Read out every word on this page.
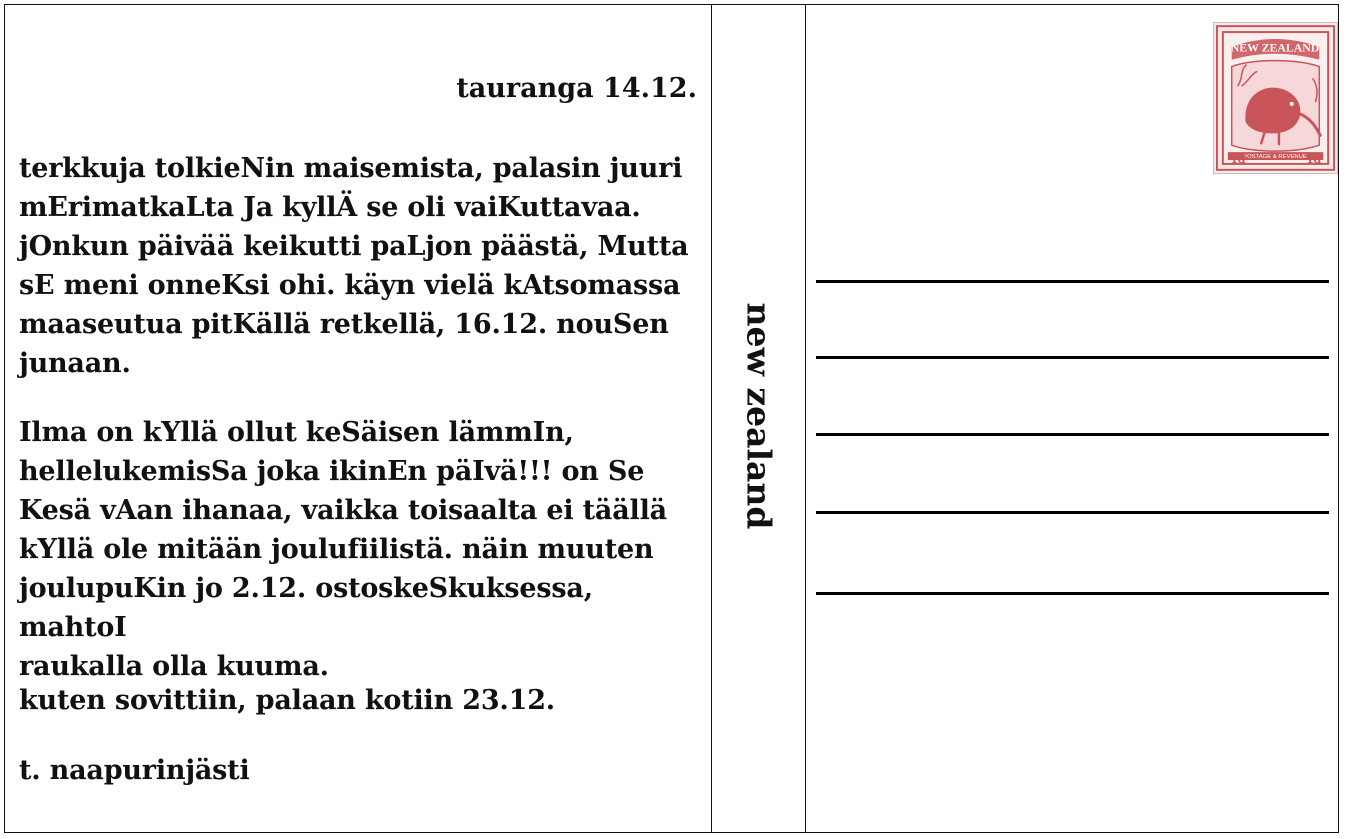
tauranga 14.12.

terkkuja tolkieNin maisemista, palasin juuri
mErimatkaLta Ja kyllÄ se oli vaiKuttavaa.
jOnkun päivää keikutti paLjon päästä, Mutta
sE meni onneKsi ohi. käyn vielä kAtsomassa
maaseutua pitKällä retkellä, 16.12. nouSen
junaan.

Ilma on kYllä ollut keSäisen lämmIn,
hellelukemisSa joka ikinEn päIvä!!! on Se
Kesä vAan ihanaa, vaikka toisaalta ei täällä
kYllä ole mitään joulufiilistä. näin muuten
joulupuKin jo 2.12. ostoskeSkuksessa, mahtoI
raukalla olla kuuma.

kuten sovittiin, palaan kotiin 23.12.

t. naapurinjästi

new zealand
NEW ZEALAND
POSTAGE & REVENUE
1d	1d
